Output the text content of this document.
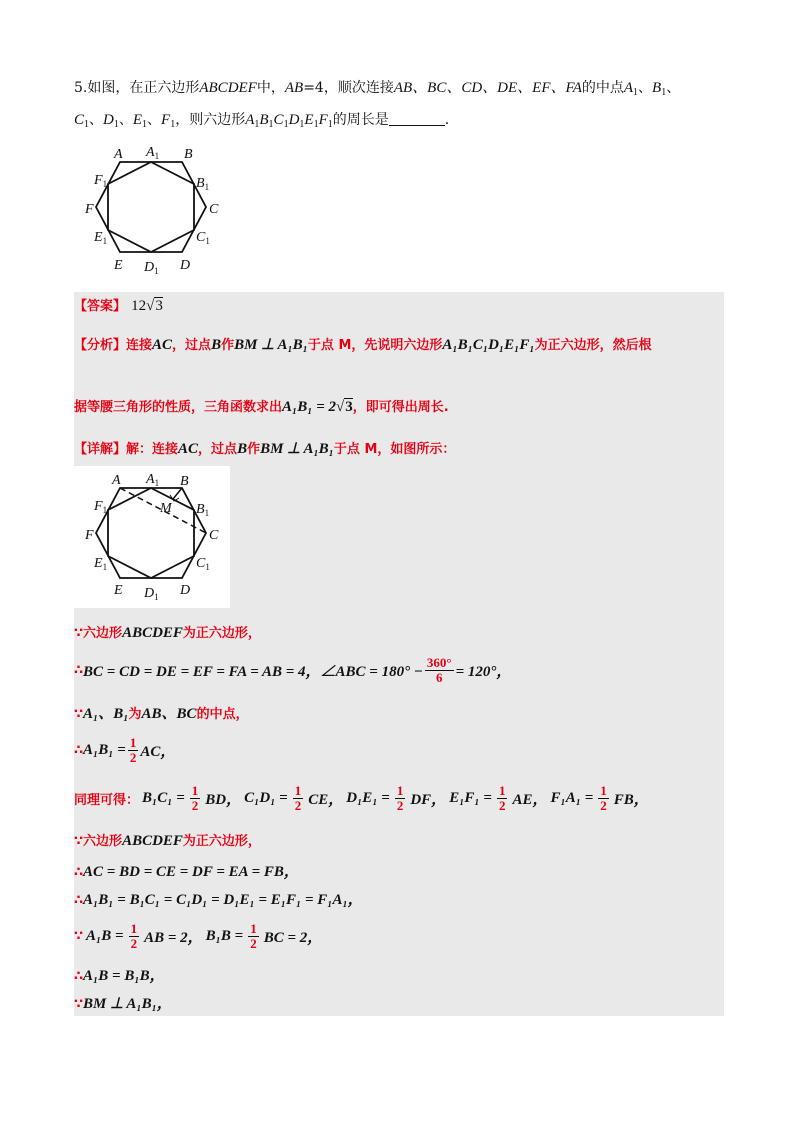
5.如图，在正六边形ABCDEF中，AB=4，顺次连接AB、BC、CD、DE、EF、FA的中点$A_1$、$B_1$、
$C_1$、$D_1$、$E_1$、$F_1$，则六边形$A_1B_1C_1D_1E_1F_1$的周长是	.
A $A_1$ B
$F_1$	$B_1$
F	C
$E_1$	$C_1$
E $D_1$ D
【答案】 12√3
【分析】连接AC，过点B作BM ⊥ A₁B₁于点 M，先说明六边形A₁B₁C₁D₁E₁F₁为正六边形，然后根
据等腰三角形的性质，三角函数求出A₁B₁ = 2√3，即可得出周长.
【详解】解：连接AC，过点B作BM ⊥ A₁B₁于点 M，如图所示：
A $A_1$ B
M
$F_1$	$B_1$
F	C
$E_1$	$C_1$
E $D_1$ D
∵六边形ABCDEF为正六边形，
∴ BC = CD = DE = EF = FA = AB = 4，∠ABC = $180^\circ - \frac{360^\circ}{6} = 120^\circ$，
∵A₁、B₁为AB、BC的中点，
∴ $A_1B_1 = \frac{1}{2}$ AC，
同理可得： $B_1C_1 = \frac{1}{2}$ BD， $C_1D_1 = \frac{1}{2}$ CE， $D_1E_1 = \frac{1}{2}$ DF， $E_1F_1 = \frac{1}{2}$ AE， $F_1A_1 = \frac{1}{2}$ FB，
∵六边形ABCDEF为正六边形，
∴AC = BD = CE = DF = EA = FB，
∴A₁B₁ = B₁C₁ = C₁D₁ = D₁E₁ = E₁F₁ = F₁A₁，
∵ $A_1B = \frac{1}{2}$ AB = 2， $B_1B = \frac{1}{2}$ BC = 2，
∴A₁B = B₁B，
∵BM ⊥ A₁B₁，
